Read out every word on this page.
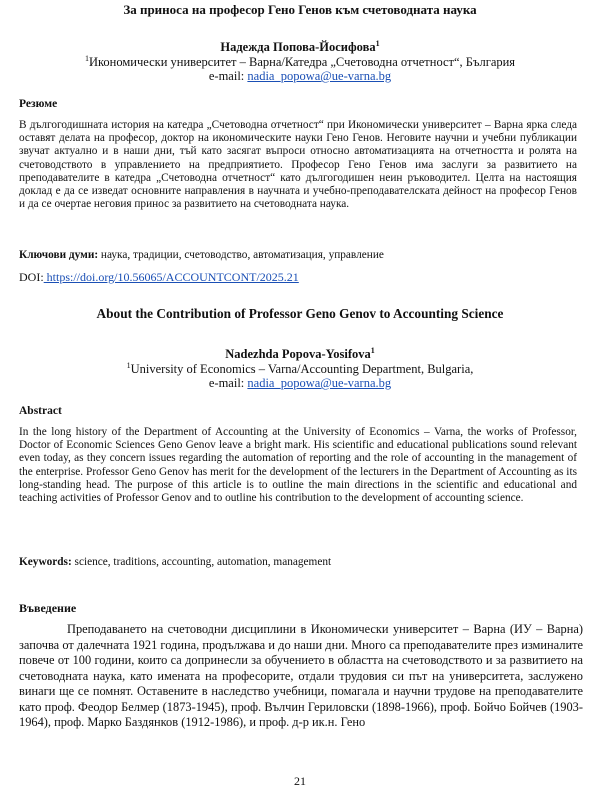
За приноса на професор Гено Генов към счетоводната наука
Надежда Попова-Йосифова$^1$
$^1$Икономически университет – Варна/Катедра „Счетоводна отчетност“, България
e-mail: nadia_popowa@ue-varna.bg
Резюме
В дългогодишната история на катедра „Счетоводна отчетност“ при Икономически университет – Варна ярка следа оставят делата на професор, доктор на икономическите науки Гено Генов. Неговите научни и учебни публикации звучат актуално и в наши дни, тъй като засягат въпроси относно автоматизацията на отчетността и ролята на счетоводството в управлението на предприятието. Професор Гено Генов има заслуги за развитието на преподавателите в катедра „Счетоводна отчетност“ като дългогодишен неин ръководител. Целта на настоящия доклад е да се изведат основните направления в научната и учебно-преподавателската дейност на професор Генов и да се очертае неговия принос за развитието на счетоводната наука.
Ключови думи: наука, традиции, счетоводство, автоматизация, управление
DOI: https://doi.org/10.56065/ACCOUNTCONT/2025.21
About the Contribution of Professor Geno Genov to Accounting Science
Nadezhda Popova-Yosifova$^1$
$^1$University of Economics – Varna/Accounting Department, Bulgaria,
e-mail: nadia_popowa@ue-varna.bg
Abstract
In the long history of the Department of Accounting at the University of Economics – Varna, the works of Professor, Doctor of Economic Sciences Geno Genov leave a bright mark. His scientific and educational publications sound relevant even today, as they concern issues regarding the automation of reporting and the role of accounting in the management of the enterprise. Professor Geno Genov has merit for the development of the lecturers in the Department of Accounting as its long-standing head. The purpose of this article is to outline the main directions in the scientific and educational and teaching activities of Professor Genov and to outline his contribution to the development of accounting science.
Keywords: science, traditions, accounting, automation, management
Въведение
Преподаването на счетоводни дисциплини в Икономически университет – Варна (ИУ – Варна) започва от далечната 1921 година, продължава и до наши дни. Много са преподавателите през изминалите повече от 100 години, които са допринесли за обучението в областта на счетоводството и за развитието на счетоводната наука, като имената на професорите, отдали трудовия си път на университета, заслужено винаги ще се помнят. Оставените в наследство учебници, помагала и научни трудове на преподавателите като проф. Феодор Белмер (1873-1945), проф. Вълчин Гериловски (1898-1966), проф. Бойчо Бойчев (1903-1964), проф. Марко Баздянков (1912-1986), и проф. д-р ик.н. Гено
21
